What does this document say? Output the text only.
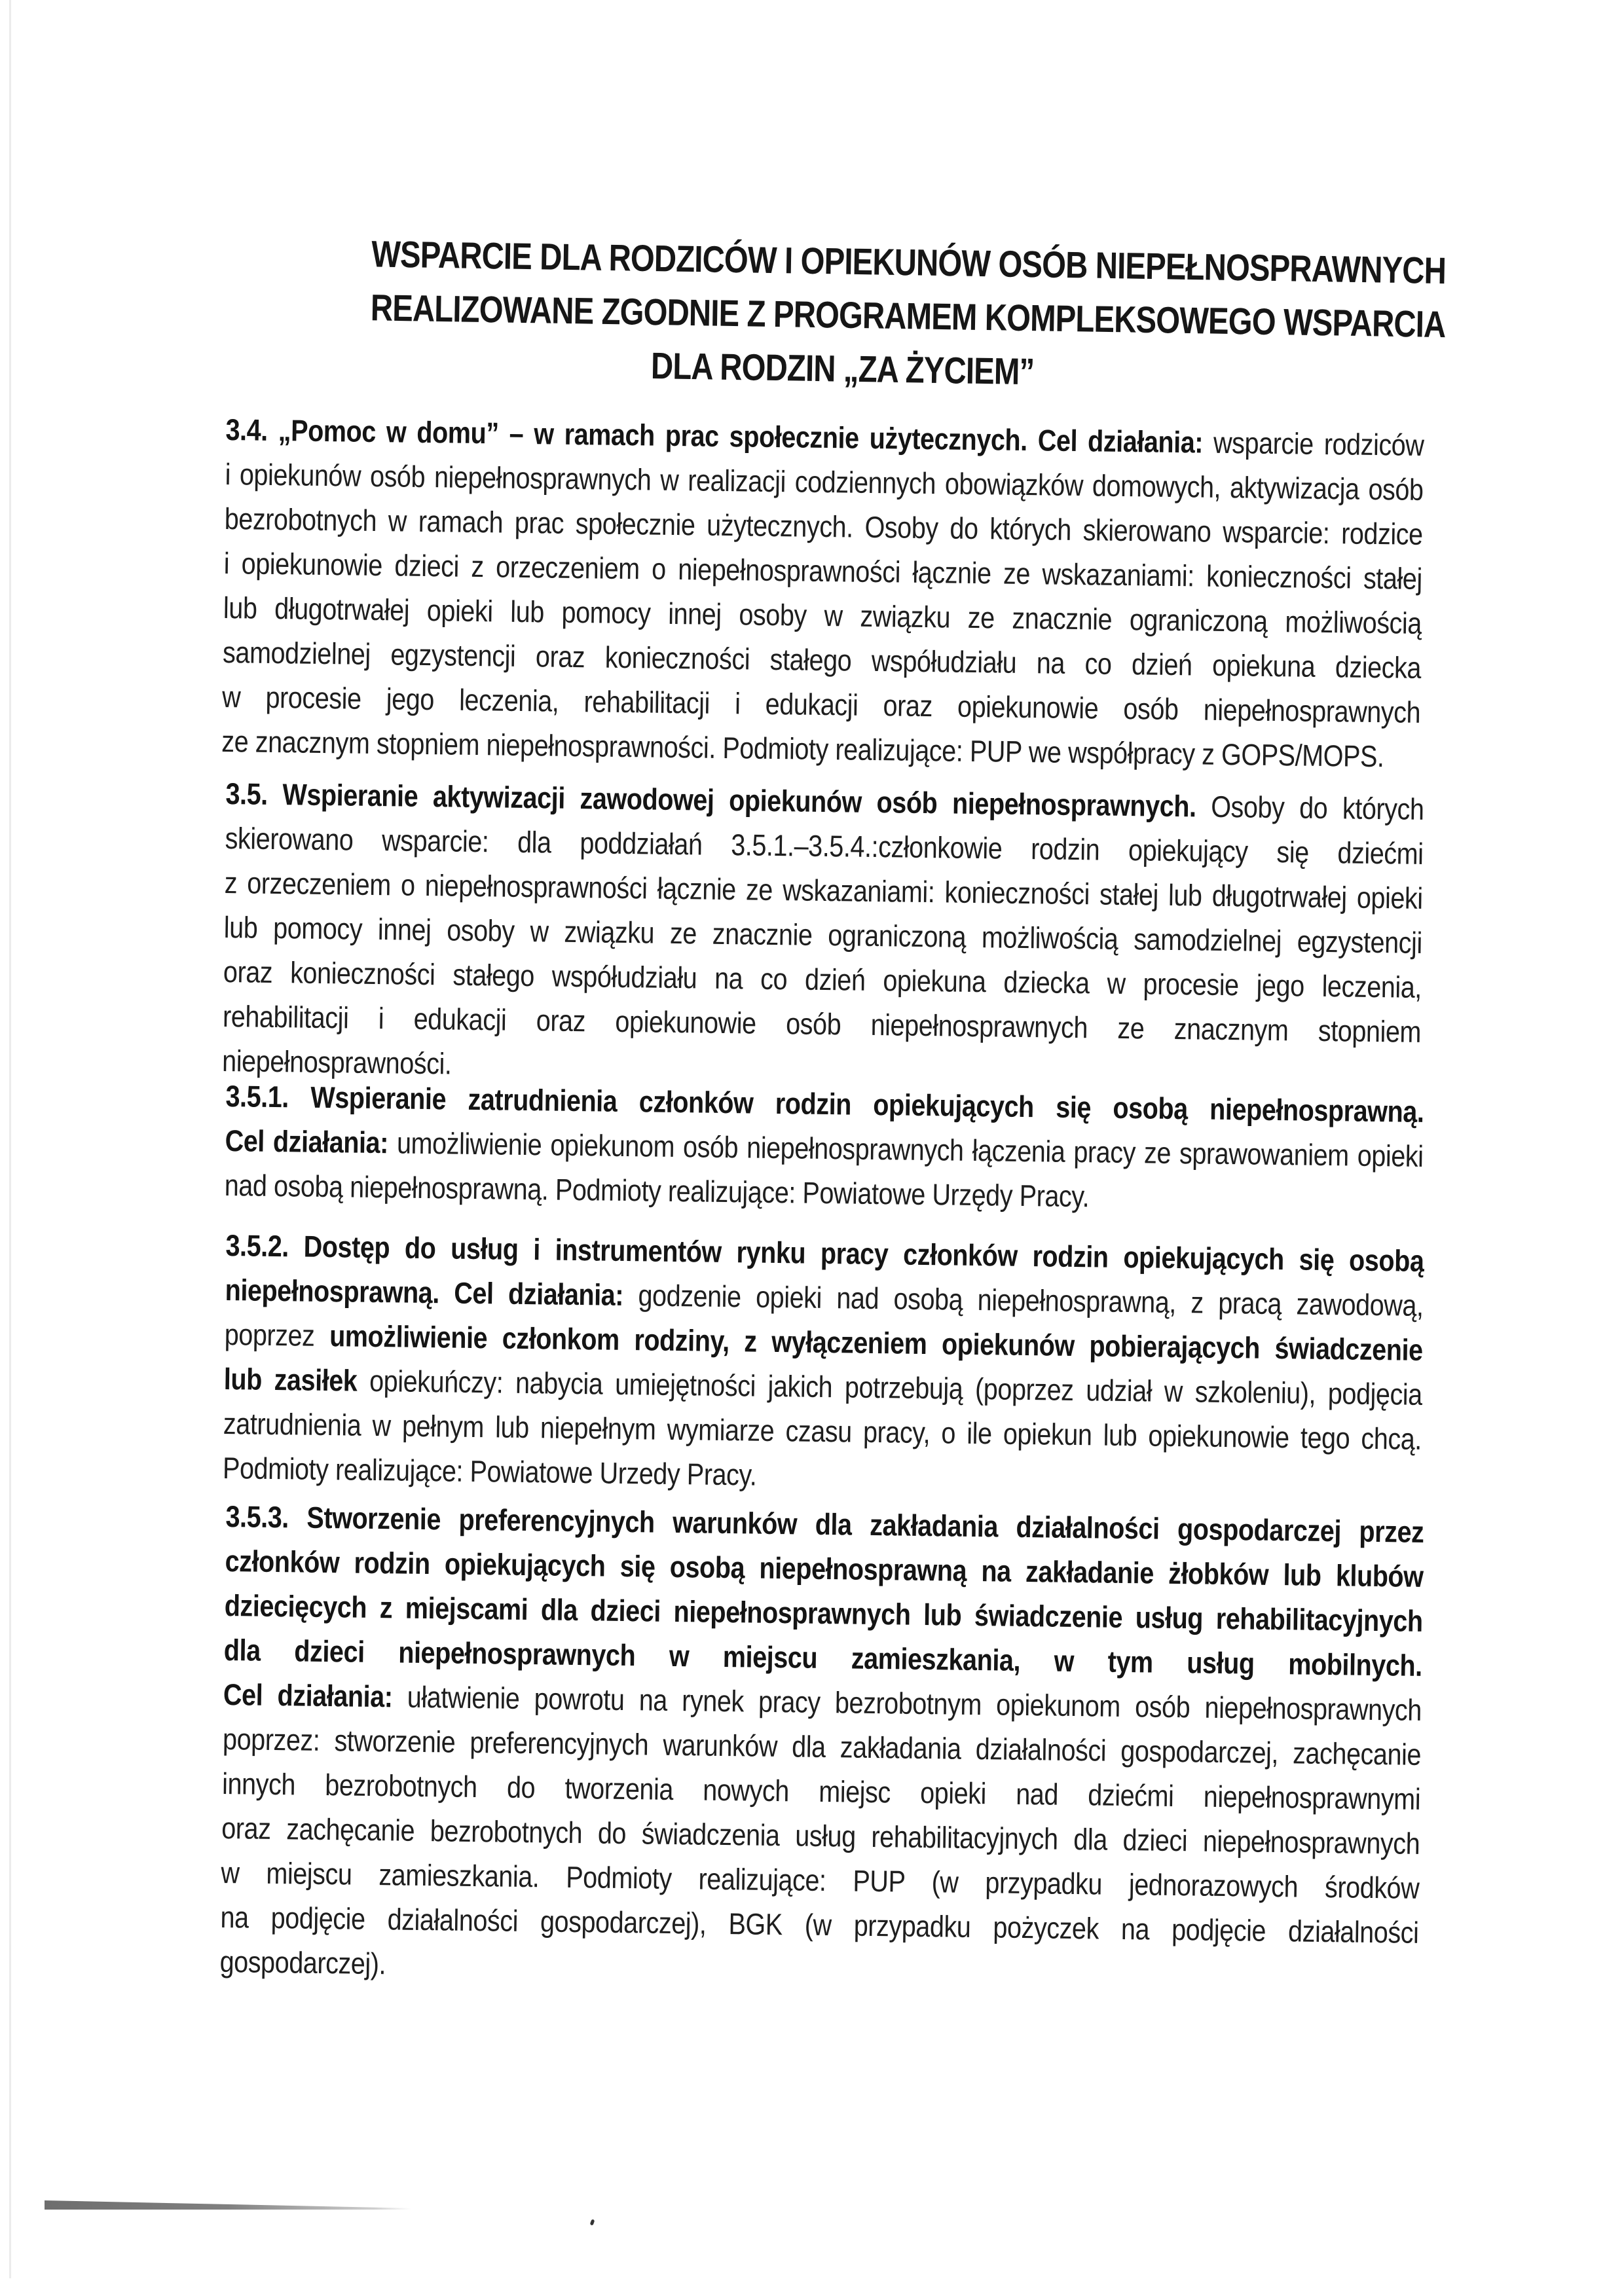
WSPARCIE DLA RODZICÓW I OPIEKUNÓW OSÓB NIEPEŁNOSPRAWNYCH
REALIZOWANE ZGODNIE Z PROGRAMEM KOMPLEKSOWEGO WSPARCIA
DLA RODZIN „ZA ŻYCIEM”
3.4. „Pomoc w domu” – w ramach prac społecznie użytecznych. Cel działania: wsparcie rodziców
i opiekunów osób niepełnosprawnych w realizacji codziennych obowiązków domowych, aktywizacja osób
bezrobotnych w ramach prac społecznie użytecznych. Osoby do których skierowano wsparcie: rodzice
i opiekunowie dzieci z orzeczeniem o niepełnosprawności łącznie ze wskazaniami: konieczności stałej
lub długotrwałej opieki lub pomocy innej osoby w związku ze znacznie ograniczoną możliwością
samodzielnej egzystencji oraz konieczności stałego współudziału na co dzień opiekuna dziecka
w procesie jego leczenia, rehabilitacji i edukacji oraz opiekunowie osób niepełnosprawnych
ze znacznym stopniem niepełnosprawności. Podmioty realizujące: PUP we współpracy z GOPS/MOPS.
3.5. Wspieranie aktywizacji zawodowej opiekunów osób niepełnosprawnych. Osoby do których
skierowano wsparcie: dla poddziałań 3.5.1.–3.5.4.:członkowie rodzin opiekujący się dziećmi
z orzeczeniem o niepełnosprawności łącznie ze wskazaniami: konieczności stałej lub długotrwałej opieki
lub pomocy innej osoby w związku ze znacznie ograniczoną możliwością samodzielnej egzystencji
oraz konieczności stałego współudziału na co dzień opiekuna dziecka w procesie jego leczenia,
rehabilitacji i edukacji oraz opiekunowie osób niepełnosprawnych ze znacznym stopniem
niepełnosprawności.
3.5.1. Wspieranie zatrudnienia członków rodzin opiekujących się osobą niepełnosprawną.
Cel działania: umożliwienie opiekunom osób niepełnosprawnych łączenia pracy ze sprawowaniem opieki
nad osobą niepełnosprawną. Podmioty realizujące: Powiatowe Urzędy Pracy.
3.5.2. Dostęp do usług i instrumentów rynku pracy członków rodzin opiekujących się osobą
niepełnosprawną. Cel działania: godzenie opieki nad osobą niepełnosprawną, z pracą zawodową,
poprzez umożliwienie członkom rodziny, z wyłączeniem opiekunów pobierających świadczenie
lub zasiłek opiekuńczy: nabycia umiejętności jakich potrzebują (poprzez udział w szkoleniu), podjęcia
zatrudnienia w pełnym lub niepełnym wymiarze czasu pracy, o ile opiekun lub opiekunowie tego chcą.
Podmioty realizujące: Powiatowe Urzedy Pracy.
3.5.3. Stworzenie preferencyjnych warunków dla zakładania działalności gospodarczej przez
członków rodzin opiekujących się osobą niepełnosprawną na zakładanie żłobków lub klubów
dziecięcych z miejscami dla dzieci niepełnosprawnych lub świadczenie usług rehabilitacyjnych
dla dzieci niepełnosprawnych w miejscu zamieszkania, w tym usług mobilnych.
Cel działania: ułatwienie powrotu na rynek pracy bezrobotnym opiekunom osób niepełnosprawnych
poprzez: stworzenie preferencyjnych warunków dla zakładania działalności gospodarczej, zachęcanie
innych bezrobotnych do tworzenia nowych miejsc opieki nad dziećmi niepełnosprawnymi
oraz zachęcanie bezrobotnych do świadczenia usług rehabilitacyjnych dla dzieci niepełnosprawnych
w miejscu zamieszkania. Podmioty realizujące: PUP (w przypadku jednorazowych środków
na podjęcie działalności gospodarczej), BGK (w przypadku pożyczek na podjęcie działalności
gospodarczej).
